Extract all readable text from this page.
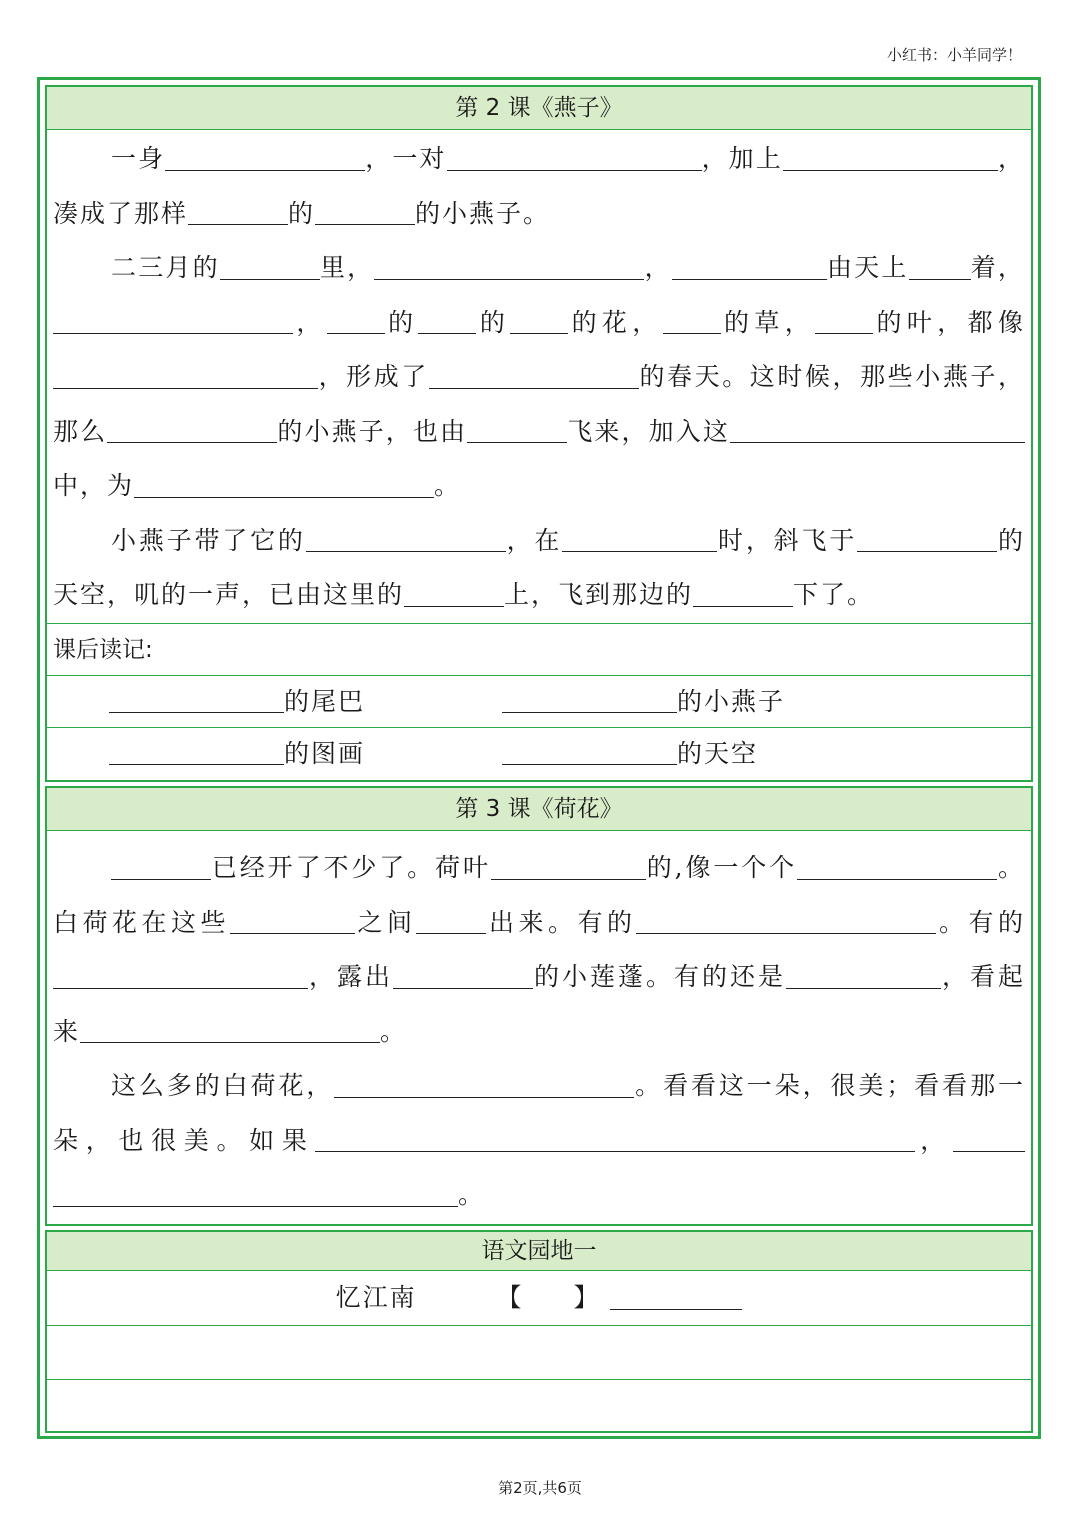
小红书：小羊同学！
第 2 课《燕子》
一身	，一对	，加上	，凑成了那样	的	的小燕子。
二三月的	里，	，	由天上 着，， 的 的 的花， 的草， 的叶，都像，形成了	的春天。这时候，那些小燕子，那么	的小燕子，也由	飞来，加入这中，为	。
小燕子带了它的	，在	时，斜飞于	的天空，叽的一声，已由这里的	上，飞到那边的	下了。
课后读记:
的尾巴	的小燕子
的图画	的天空
第 3 课《荷花》
已经开了不少了。荷叶	的,像一个个	。白荷花在这些	之间	出来。有的	。有的，露出	的小莲蓬。有的还是	，看起来	。
这么多的白荷花，	。看看这一朵，很美；看看那一朵，也很美。如果	，。
语文园地一
忆江南	【 】
第2页,共6页
